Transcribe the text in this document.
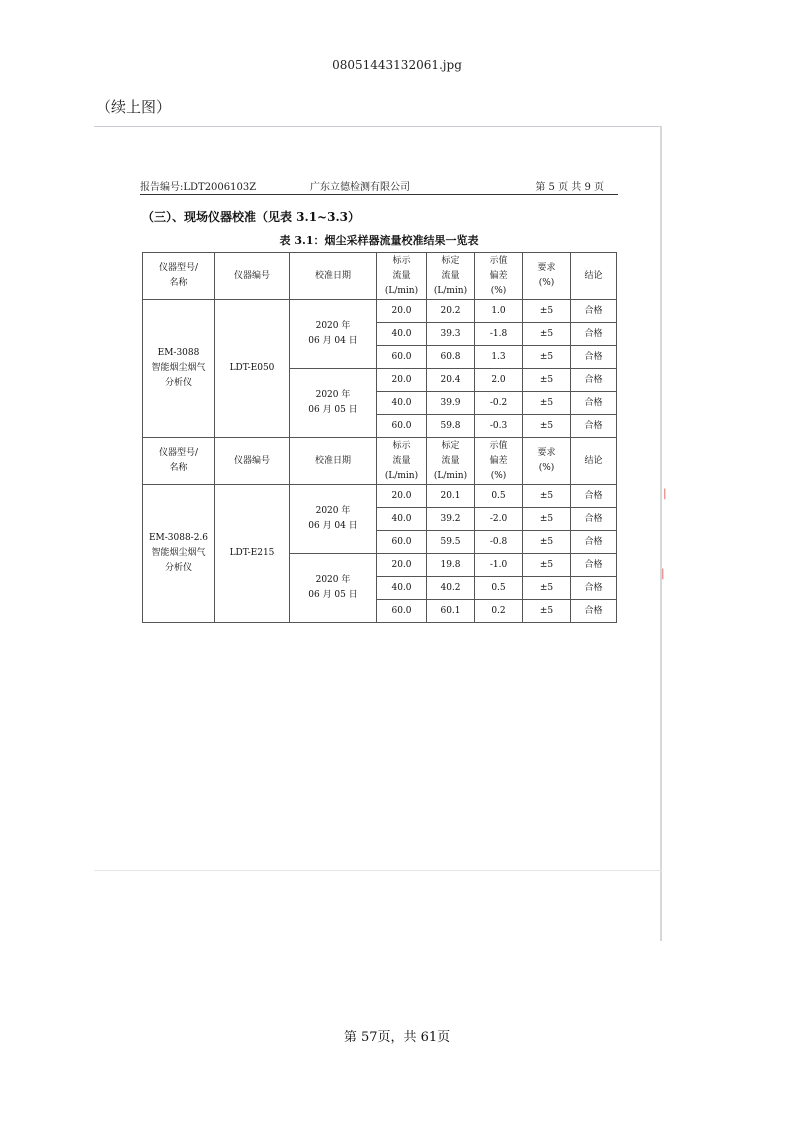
08051443132061.jpg
（续上图）
报告编号:LDT2006103Z	广东立德检测有限公司	第 5 页 共 9 页
（三）、现场仪器校准（见表 3.1~3.3）
表 3.1：烟尘采样器流量校准结果一览表
仪器型号/
名称	仪器编号	校准日期	标示
流量
(L/min)	标定
流量
(L/min)	示值
偏差
(%)	要求
(%)	结论
EM-3088
智能烟尘烟气
分析仪	LDT-E050	2020 年
06 月 04 日	20.0	20.2	1.0	±5	合格
			40.0	39.3	-1.8	±5	合格
			60.0	60.8	1.3	±5	合格
		2020 年
06 月 05 日	20.0	20.4	2.0	±5	合格
			40.0	39.9	-0.2	±5	合格
			60.0	59.8	-0.3	±5	合格
仪器型号/
名称	仪器编号	校准日期	标示
流量
(L/min)	标定
流量
(L/min)	示值
偏差
(%)	要求
(%)	结论
EM-3088-2.6
智能烟尘烟气
分析仪	LDT-E215	2020 年
06 月 04 日	20.0	20.1	0.5	±5	合格
			40.0	39.2	-2.0	±5	合格
			60.0	59.5	-0.8	±5	合格
		2020 年
06 月 05 日	20.0	19.8	-1.0	±5	合格
			40.0	40.2	0.5	±5	合格
			60.0	60.1	0.2	±5	合格
┃
┃
第 57页，共 61页
